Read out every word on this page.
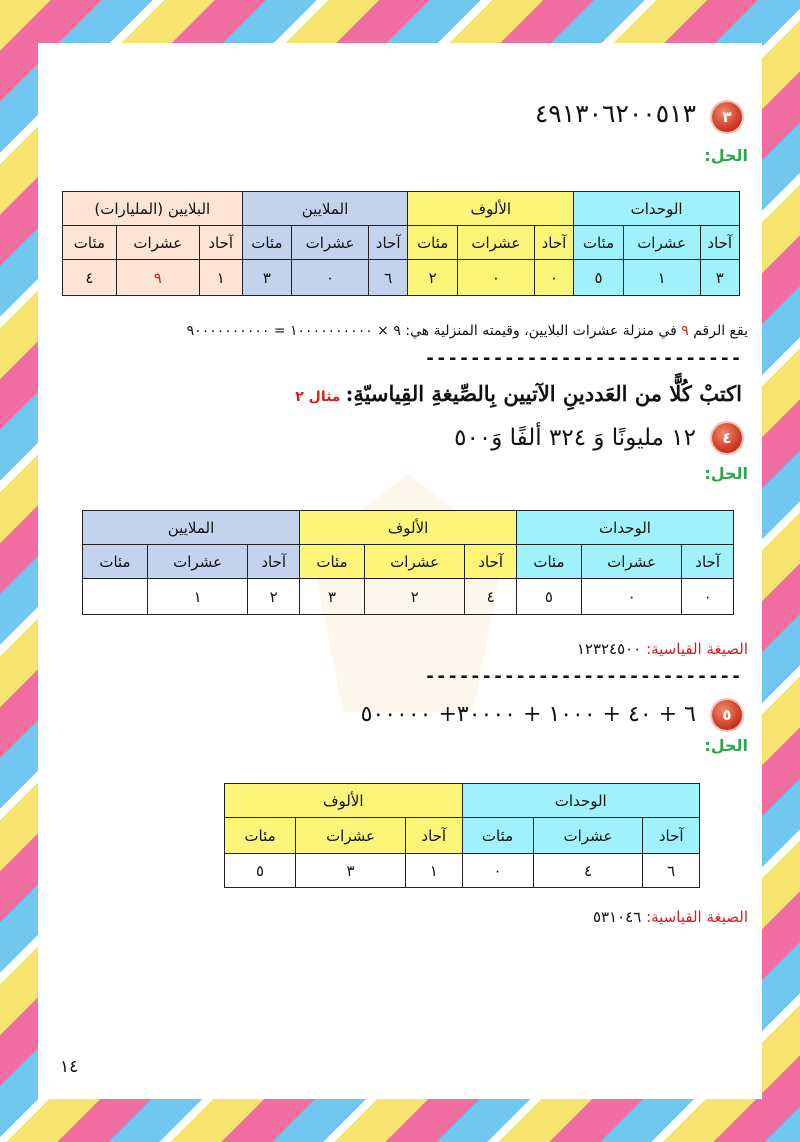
٣
٤٩١٣٠٦٢٠٠٥١٣
الحل:
الوحدات			الألوف			الملايين			البلايين (المليارات)		
آحاد	عشرات	مئات	آحاد	عشرات	مئات	آحاد	عشرات	مئات	آحاد	عشرات	مئات
٣	١	٥	٠	٠	٢	٦	٠	٣	١	٩	٤
يقع الرقم ٩ في منزلة عشرات البلايين، وقيمته المنزلية هي: ٩ × ١٠٠٠٠٠٠٠٠٠٠ = ٩٠٠٠٠٠٠٠٠٠٠
----------------------------
اكتبْ كُلًّا من العَددينِ الآتيين بِالصِّيغةِ القِياسيّةِ: مثال ٢
٤
١٢ مليونًا وَ ٣٢٤ ألفًا وَ٥٠٠
الحل:
الوحدات			الألوف			الملايين		
آحاد	عشرات	مئات	آحاد	عشرات	مئات	آحاد	عشرات	مئات
٠	٠	٥	٤	٢	٣	٢	١	
الصيغة القياسية: ١٢٣٢٤٥٠٠
----------------------------
٥
٦ + ٤٠ + ١٠٠٠ + ٣٠٠٠٠+ ٥٠٠٠٠٠
الحل:
الوحدات			الألوف		
آحاد	عشرات	مئات	آحاد	عشرات	مئات
٦	٤	٠	١	٣	٥
الصيغة القياسية: ٥٣١٠٤٦
١٤
